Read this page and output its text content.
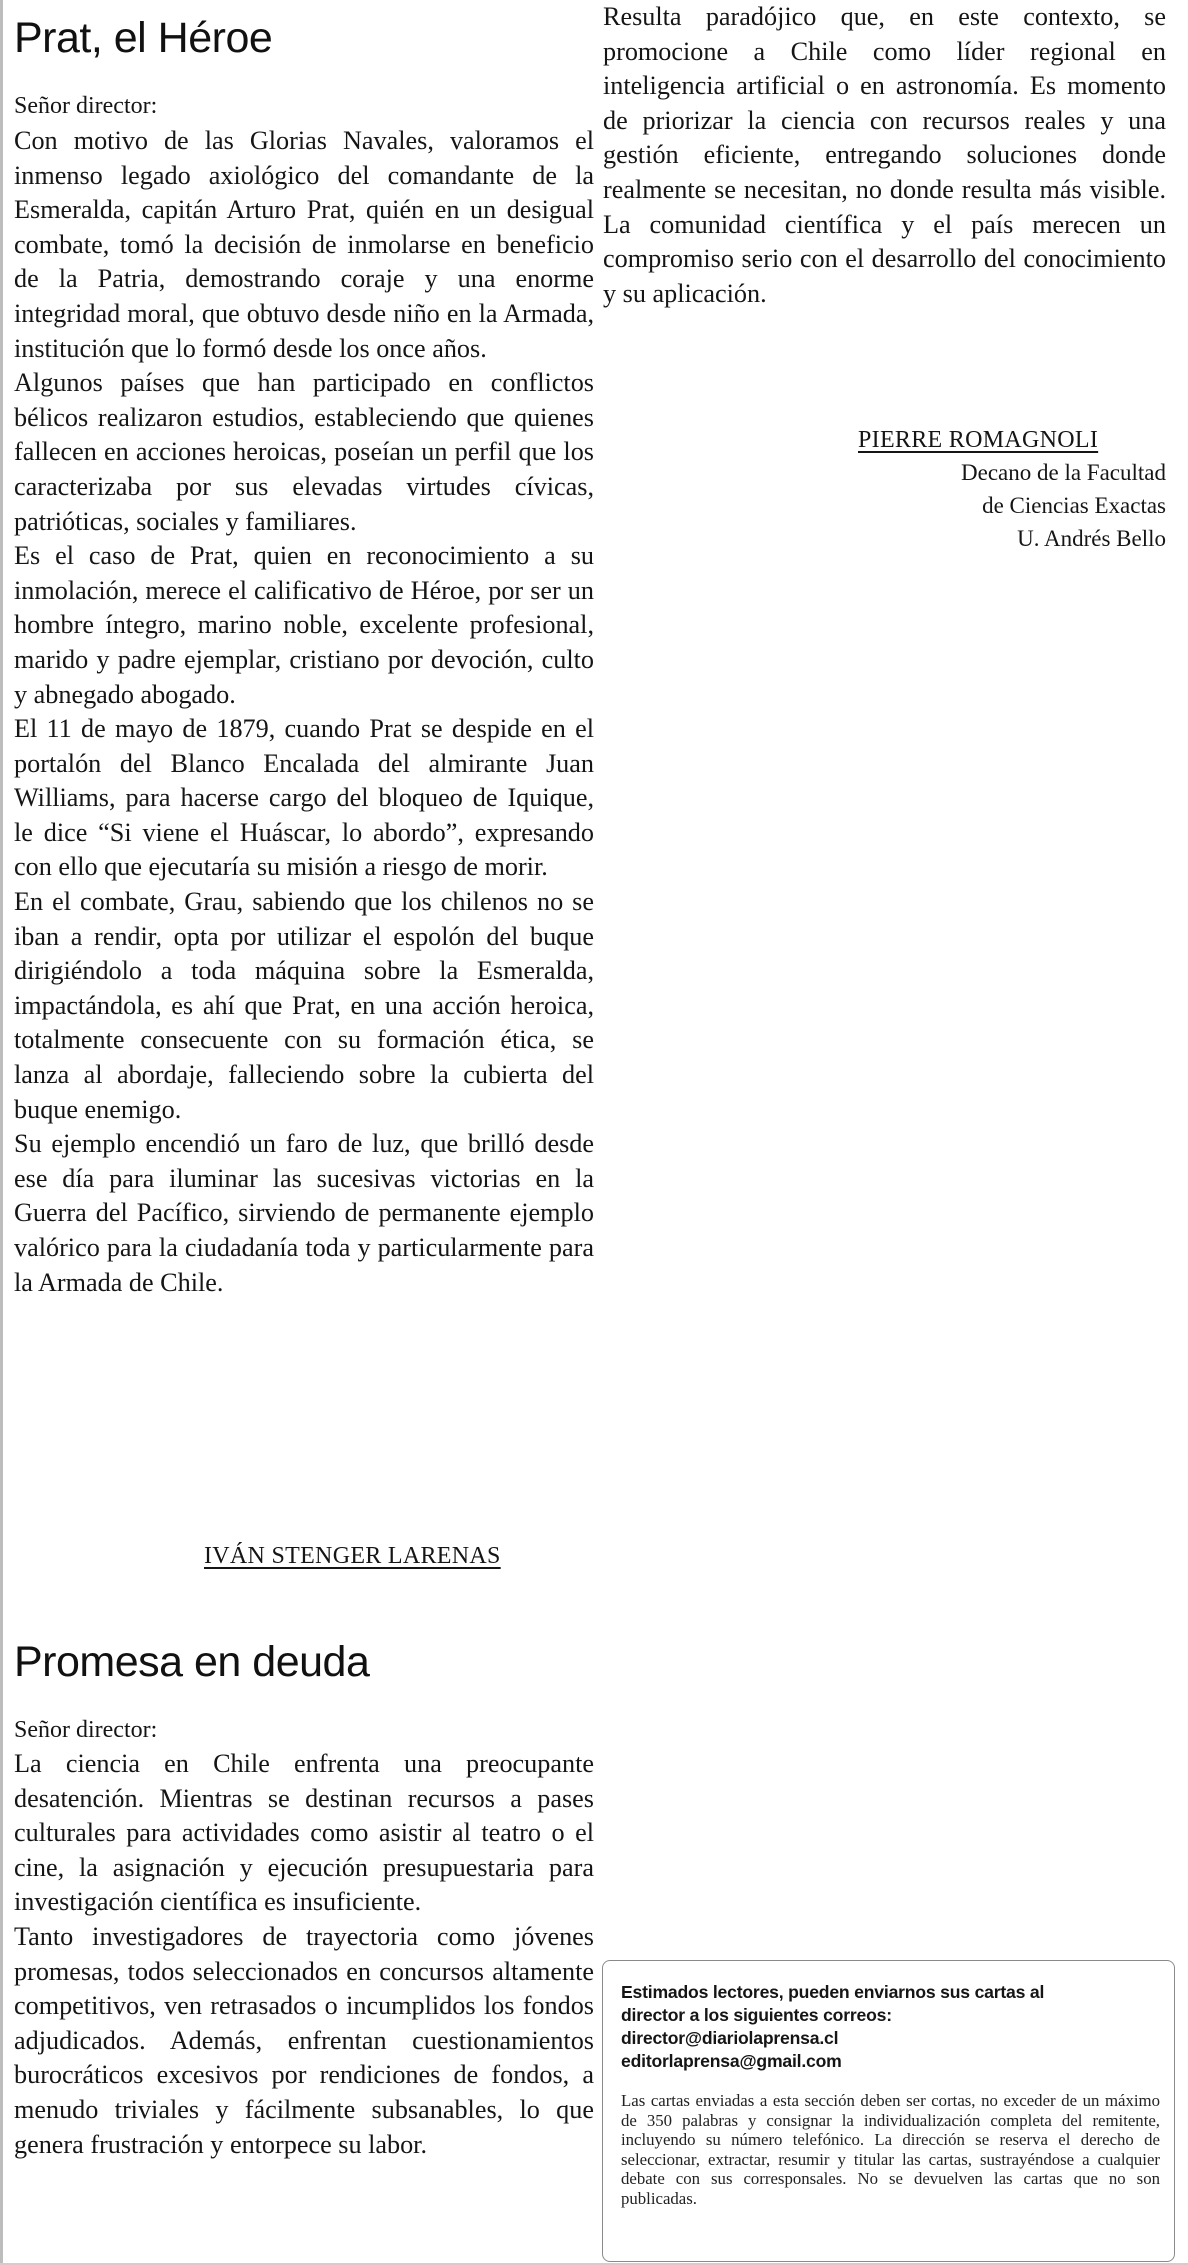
Prat, el Héroe
Señor director:

Con motivo de las Glorias Navales, valoramos el inmenso legado axiológico del comandante de la Esmeralda, capitán Arturo Prat, quién en un desigual combate, tomó la decisión de inmolarse en beneficio de la Patria, demostrando coraje y una enorme integridad moral, que obtuvo desde niño en la Armada, institución que lo formó desde los once años.

Algunos países que han participado en conflictos bélicos realizaron estudios, estableciendo que quienes fallecen en acciones heroicas, poseían un perfil que los caracterizaba por sus elevadas virtudes cívicas, patrióticas, sociales y familiares.

Es el caso de Prat, quien en reconocimiento a su inmolación, merece el calificativo de Héroe, por ser un hombre íntegro, marino noble, excelente profesional, marido y padre ejemplar, cristiano por devoción, culto y abnegado abogado.

El 11 de mayo de 1879, cuando Prat se despide en el portalón del Blanco Encalada del almirante Juan Williams, para hacerse cargo del bloqueo de Iquique, le dice “Si viene el Huáscar, lo abordo”, expresando con ello que ejecutaría su misión a riesgo de morir.

En el combate, Grau, sabiendo que los chilenos no se iban a rendir, opta por utilizar el espolón del buque dirigiéndolo a toda máquina sobre la Esmeralda, impactándola, es ahí que Prat, en una acción heroica, totalmente consecuente con su formación ética, se lanza al abordaje, falleciendo sobre la cubierta del buque enemigo.

Su ejemplo encendió un faro de luz, que brilló desde ese día para iluminar las sucesivas victorias en la Guerra del Pacífico, sirviendo de permanente ejemplo valórico para la ciudadanía toda y particularmente para la Armada de Chile.

IVÁN STENGER LARENAS
Promesa en deuda
Señor director:

La ciencia en Chile enfrenta una preocupante desatención. Mientras se destinan recursos a pases culturales para actividades como asistir al teatro o el cine, la asignación y ejecución presupuestaria para investigación científica es insuficiente.

Tanto investigadores de trayectoria como jóvenes promesas, todos seleccionados en concursos altamente competitivos, ven retrasados o incumplidos los fondos adjudicados. Además, enfrentan cuestionamientos burocráticos excesivos por rendiciones de fondos, a menudo triviales y fácilmente subsanables, lo que genera frustración y entorpece su labor.

Resulta paradójico que, en este contexto, se promocione a Chile como líder regional en inteligencia artificial o en astronomía. Es momento de priorizar la ciencia con recursos reales y una gestión eficiente, entregando soluciones donde realmente se necesitan, no donde resulta más visible. La comunidad científica y el país merecen un compromiso serio con el desarrollo del conocimiento y su aplicación.

PIERRE ROMAGNOLI
Decano de la Facultad
de Ciencias Exactas
U. Andrés Bello
Estimados lectores, pueden enviarnos sus cartas al
director a los siguientes correos:
director@diariolaprensa.cl
editorlaprensa@gmail.com

Las cartas enviadas a esta sección deben ser cortas, no exceder de un máximo de 350 palabras y consignar la individualización completa del remitente, incluyendo su número telefónico. La dirección se reserva el derecho de seleccionar, extractar, resumir y titular las cartas, sustrayéndose a cualquier debate con sus corresponsales. No se devuelven las cartas que no son publicadas.
